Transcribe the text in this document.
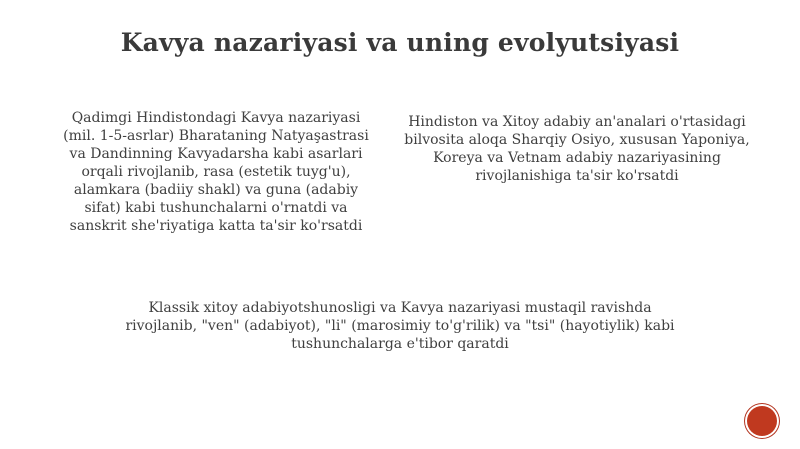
Kavya nazariyasi va uning evolyutsiyasi
Qadimgi Hindistondagi Kavya nazariyasi (mil. 1-5-asrlar) Bharataning Natyaşastrasi va Dandinning Kavyadarsha kabi asarlari orqali rivojlanib, rasa (estetik tuyg'u), alamkara (badiiy shakl) va guna (adabiy sifat) kabi tushunchalarni o'rnatdi va sanskrit she'riyatiga katta ta'sir ko'rsatdi
Hindiston va Xitoy adabiy an'analari o'rtasidagi bilvosita aloqa Sharqiy Osiyo, xususan Yaponiya, Koreya va Vetnam adabiy nazariyasining rivojlanishiga ta'sir ko'rsatdi
Klassik xitoy adabiyotshunosligi va Kavya nazariyasi mustaqil ravishda rivojlanib, "ven" (adabiyot), "li" (marosimiy to'g'rilik) va "tsi" (hayotiylik) kabi tushunchalarga e'tibor qaratdi
